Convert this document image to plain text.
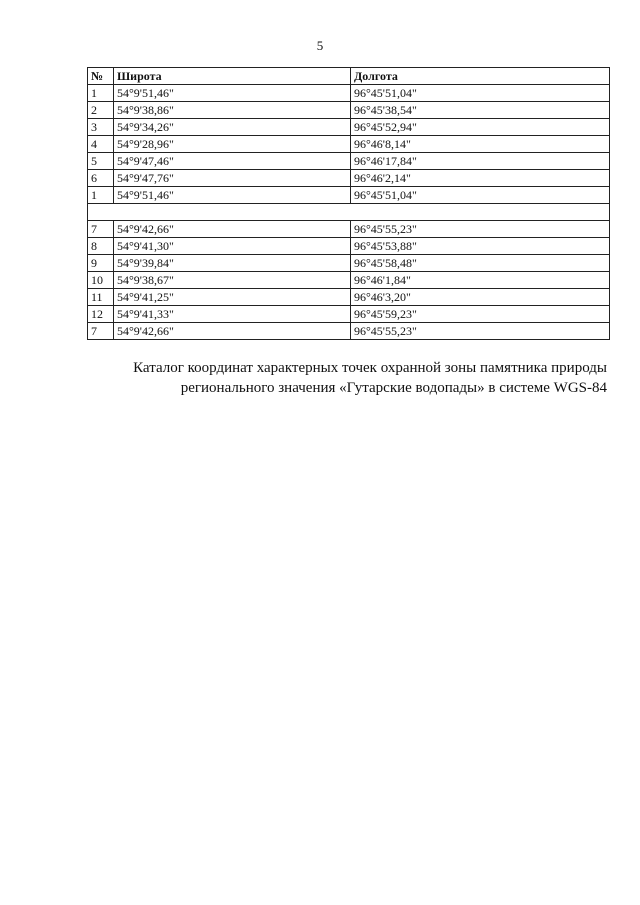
5
№	Широта	Долгота
1	54°9'51,46"	96°45'51,04"
2	54°9'38,86"	96°45'38,54"
3	54°9'34,26"	96°45'52,94"
4	54°9'28,96"	96°46'8,14"
5	54°9'47,46"	96°46'17,84"
6	54°9'47,76"	96°46'2,14"
1	54°9'51,46"	96°45'51,04"

7	54°9'42,66"	96°45'55,23"
8	54°9'41,30"	96°45'53,88"
9	54°9'39,84"	96°45'58,48"
10	54°9'38,67"	96°46'1,84"
11	54°9'41,25"	96°46'3,20"
12	54°9'41,33"	96°45'59,23"
7	54°9'42,66"	96°45'55,23"
Каталог координат характерных точек охранной зоны памятника природы
регионального значения «Гутарские водопады» в системе WGS-84
